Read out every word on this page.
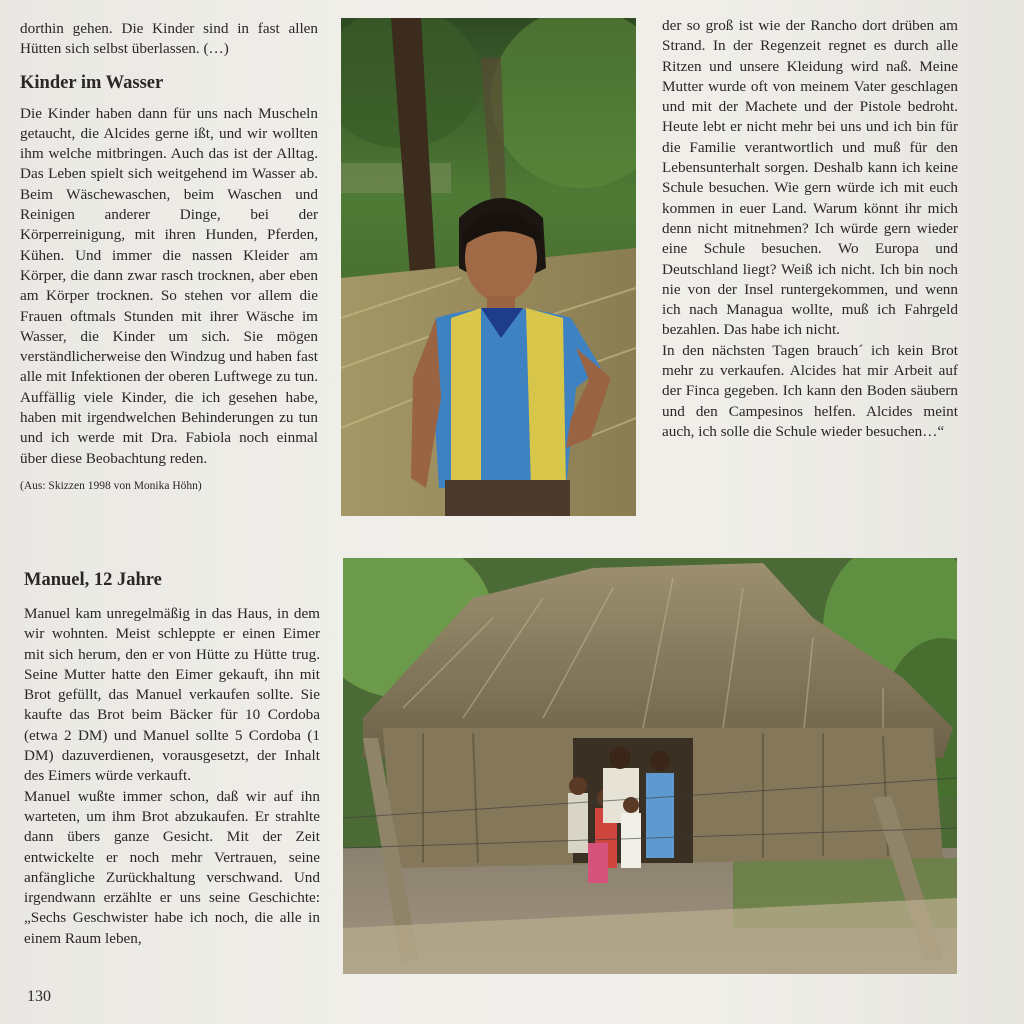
dorthin gehen. Die Kinder sind in fast allen Hütten sich selbst überlassen. (…)

Kinder im Wasser

Die Kinder haben dann für uns nach Muscheln getaucht, die Alcides gerne ißt, und wir wollten ihm welche mitbringen. Auch das ist der Alltag. Das Leben spielt sich weitgehend im Wasser ab. Beim Wäschewaschen, beim Waschen und Reinigen anderer Dinge, bei der Körperreinigung, mit ihren Hunden, Pferden, Kühen. Und immer die nassen Kleider am Körper, die dann zwar rasch trocknen, aber eben am Körper trocknen. So stehen vor allem die Frauen oftmals Stunden mit ihrer Wäsche im Wasser, die Kinder um sich. Sie mögen verständlicherweise den Windzug und haben fast alle mit Infektionen der oberen Luftwege zu tun. Auffällig viele Kinder, die ich gesehen habe, haben mit irgendwelchen Behinderungen zu tun und ich werde mit Dra. Fabiola noch einmal über diese Beobachtung reden.

(Aus: Skizzen 1998 von Monika Höhn)
Manuel, 12 Jahre

Manuel kam unregelmäßig in das Haus, in dem wir wohnten. Meist schleppte er einen Eimer mit sich herum, den er von Hütte zu Hütte trug. Seine Mutter hatte den Eimer gekauft, ihn mit Brot gefüllt, das Manuel verkaufen sollte. Sie kaufte das Brot beim Bäcker für 10 Cordoba (etwa 2 DM) und Manuel sollte 5 Cordoba (1 DM) dazuverdienen, vorausgesetzt, der Inhalt des Eimers würde verkauft.

Manuel wußte immer schon, daß wir auf ihn warteten, um ihm Brot abzukaufen. Er strahlte dann übers ganze Gesicht. Mit der Zeit entwickelte er noch mehr Vertrauen, seine anfängliche Zurückhaltung verschwand. Und irgendwann erzählte er uns seine Geschichte: „Sechs Geschwister habe ich noch, die alle in einem Raum leben,

der so groß ist wie der Rancho dort drüben am Strand. In der Regenzeit regnet es durch alle Ritzen und unsere Kleidung wird naß. Meine Mutter wurde oft von meinem Vater geschlagen und mit der Machete und der Pistole bedroht. Heute lebt er nicht mehr bei uns und ich bin für die Familie verantwortlich und muß für den Lebensunterhalt sorgen. Deshalb kann ich keine Schule besuchen. Wie gern würde ich mit euch kommen in euer Land. Warum könnt ihr mich denn nicht mitnehmen? Ich würde gern wieder eine Schule besuchen. Wo Europa und Deutschland liegt? Weiß ich nicht. Ich bin noch nie von der Insel runtergekommen, und wenn ich nach Managua wollte, muß ich Fahrgeld bezahlen. Das habe ich nicht.

In den nächsten Tagen brauch´ ich kein Brot mehr zu verkaufen. Alcides hat mir Arbeit auf der Finca gegeben. Ich kann den Boden säubern und den Campesinos helfen. Alcides meint auch, ich solle die Schule wieder besuchen…“

130
